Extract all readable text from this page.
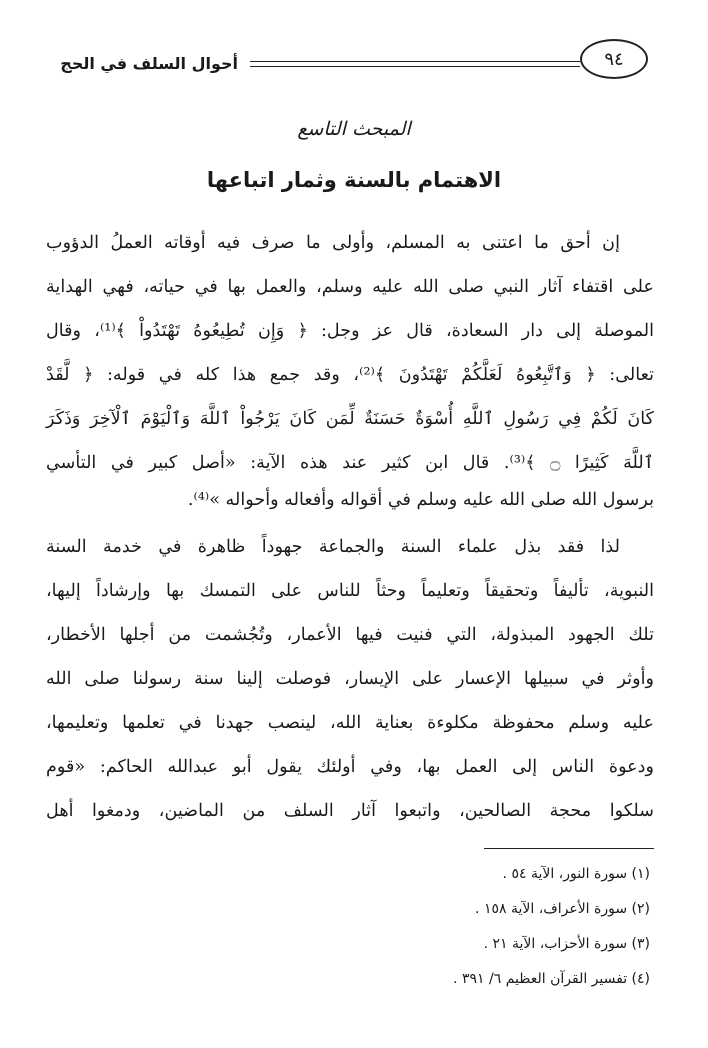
أحوال السلف في الحج	٩٤
المبحث التاسع
الاهتمام بالسنة وثمار اتباعها
إن أحق ما اعتنى به المسلم، وأولى ما صرف فيه أوقاته العملُ الدؤوب
على اقتفاء آثار النبي صلى الله عليه وسلم، والعمل بها في حياته، فهي الهداية
الموصلة إلى دار السعادة، قال عز وجل: ﴿ وَإِن تُطِيعُوهُ تَهْتَدُواْ ﴾⁽¹⁾، وقال
تعالى: ﴿ وَٱتَّبِعُوهُ لَعَلَّكُمْ تَهْتَدُونَ ﴾⁽²⁾، وقد جمع هذا كله في قوله: ﴿ لَّقَدْ
كَانَ لَكُمْ فِي رَسُولِ ٱللَّهِ أُسْوَةٌ حَسَنَةٌ لِّمَن كَانَ يَرْجُواْ ٱللَّهَ وَٱلْيَوْمَ ٱلْآخِرَ وَذَكَرَ
ٱللَّهَ كَثِيرًا ۝ ﴾⁽³⁾. قال ابن كثير عند هذه الآية: «أصل كبير في التأسي
برسول الله صلى الله عليه وسلم في أقواله وأفعاله وأحواله »⁽⁴⁾.
لذا فقد بذل علماء السنة والجماعة جهوداً ظاهرة في خدمة السنة
النبوية، تأليفاً وتحقيقاً وتعليماً وحثاً للناس على التمسك بها وإرشاداً إليها،
تلك الجهود المبذولة، التي فنيت فيها الأعمار، وتُجُشمت من أجلها الأخطار،
وأوثر في سبيلها الإعسار على الإيسار، فوصلت إلينا سنة رسولنا صلى الله
عليه وسلم محفوظة مكلوءة بعناية الله، لينصب جهدنا في تعلمها وتعليمها،
ودعوة الناس إلى العمل بها، وفي أولئك يقول أبو عبدالله الحاكم: «قوم
سلكوا محجة الصالحين، واتبعوا آثار السلف من الماضين، ودمغوا أهل
(١) سورة النور، الآية ٥٤ .
(٢) سورة الأعراف، الآية ١٥٨ .
(٣) سورة الأحزاب، الآية ٢١ .
(٤) تفسير القرآن العظيم ٦/ ٣٩١ .
